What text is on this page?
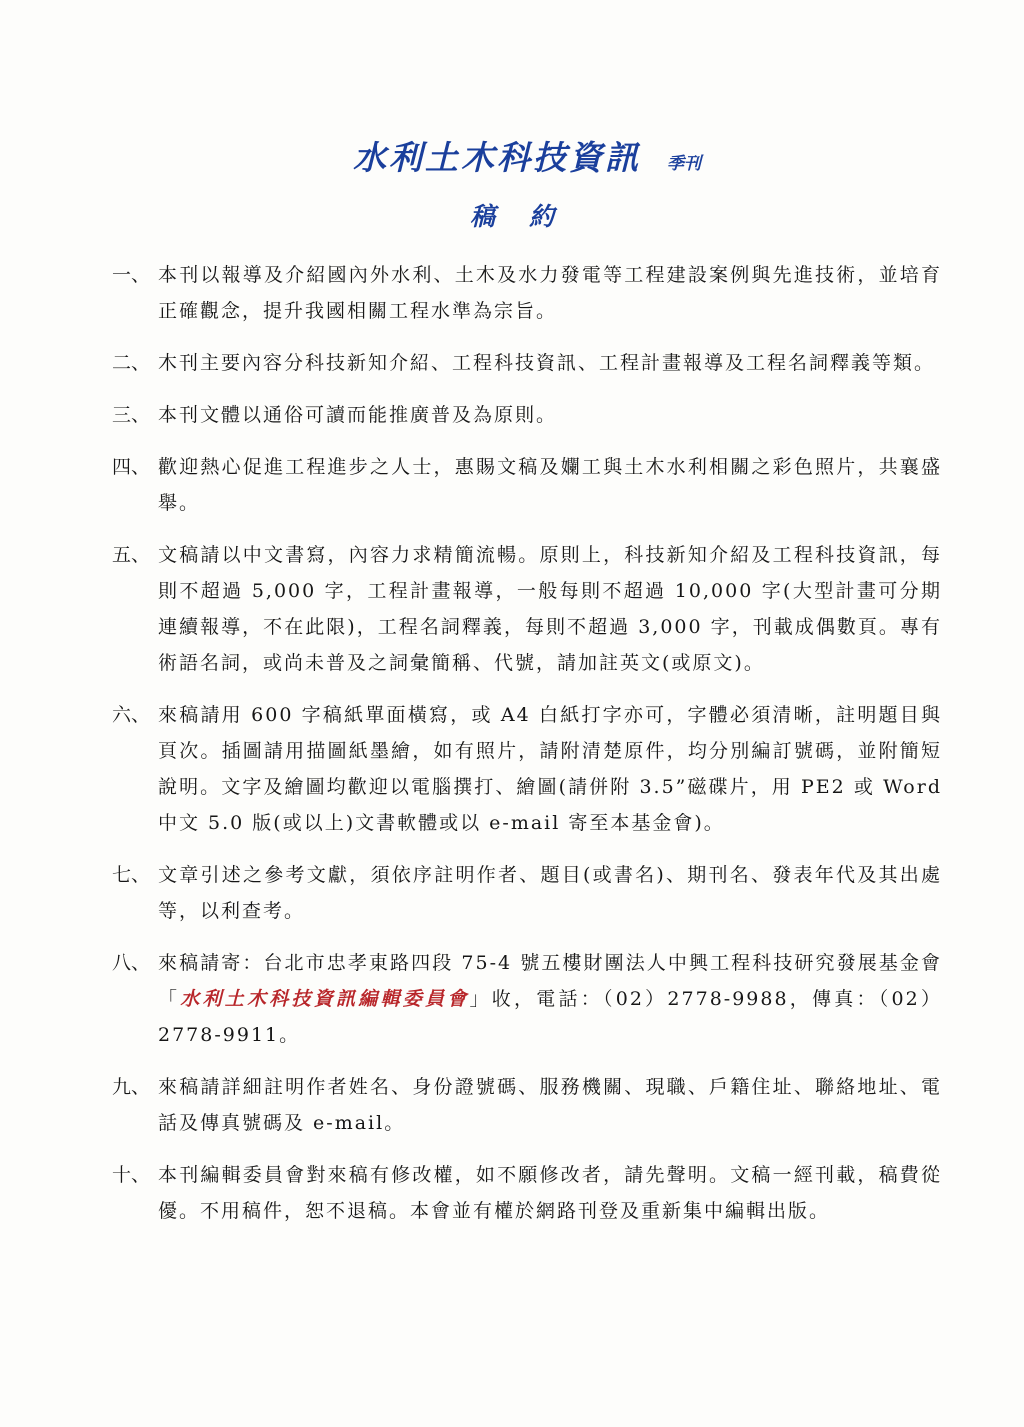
水利土木科技資訊 季刊
稿約
一、 本刊以報導及介紹國內外水利、土木及水力發電等工程建設案例與先進技術，並培育正確觀念，提升我國相關工程水準為宗旨。
二、 木刊主要內容分科技新知介紹、工程科技資訊、工程計畫報導及工程名詞釋義等類。
三、 本刊文體以通俗可讀而能推廣普及為原則。
四、 歡迎熱心促進工程進步之人士，惠賜文稿及孄工與土木水利相關之彩色照片，共襄盛舉。
五、 文稿請以中文書寫，內容力求精簡流暢。原則上，科技新知介紹及工程科技資訊，每則不超過 5,000 字，工程計畫報導，一般每則不超過 10,000 字(大型計畫可分期連續報導，不在此限)，工程名詞釋義，每則不超過 3,000 字，刊載成偶數頁。專有術語名詞，或尚未普及之詞彙簡稱、代號，請加註英文(或原文)。
六、 來稿請用 600 字稿紙單面橫寫，或 A4 白紙打字亦可，字體必須清晰，註明題目與頁次。插圖請用描圖紙墨繪，如有照片，請附清楚原件，均分別編訂號碼，並附簡短說明。文字及繪圖均歡迎以電腦撰打、繪圖(請併附 3.5”磁碟片，用 PE2 或 Word 中文 5.0 版(或以上)文書軟體或以 e-mail 寄至本基金會)。
七、 文章引述之參考文獻，須依序註明作者、題目(或書名)、期刊名、發表年代及其出處等，以利查考。
八、 來稿請寄：台北市忠孝東路四段 75-4 號五樓財團法人中興工程科技研究發展基金會「水利土木科技資訊編輯委員會」收，電話：（02）2778-9988，傳真：（02）2778-9911。
九、 來稿請詳細註明作者姓名、身份證號碼、服務機關、現職、戶籍住址、聯絡地址、電話及傳真號碼及 e-mail。
十、 本刊編輯委員會對來稿有修改權，如不願修改者，請先聲明。文稿一經刊載，稿費從優。不用稿件，恕不退稿。本會並有權於網路刊登及重新集中編輯出版。
